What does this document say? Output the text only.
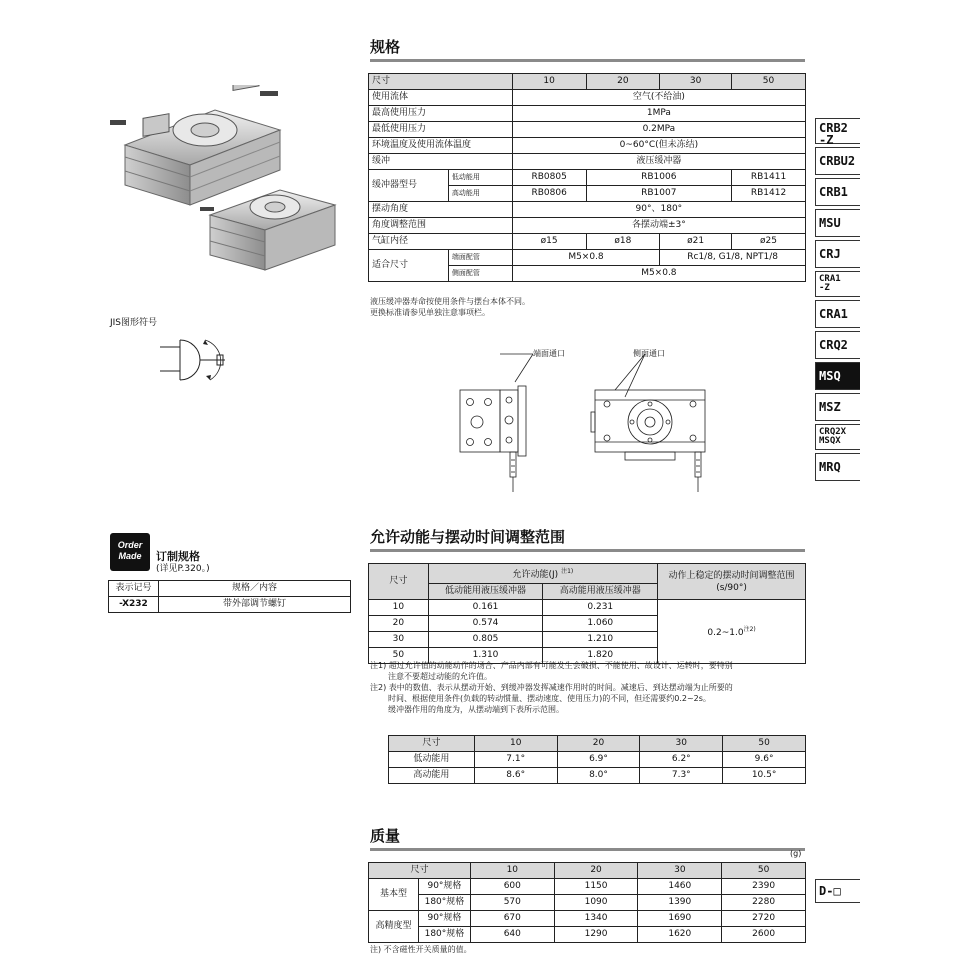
JIS图形符号
规格
尺寸		10	20	30	50
使用流体		空气(不给油)			
最高使用压力		1MPa			
最低使用压力		0.2MPa			
环境温度及使用流体温度		0~60°C(但未冻结)			
缓冲		液压缓冲器			
缓冲器型号	低动能用	RB0805	RB1006		RB1411
	高动能用	RB0806	RB1007		RB1412
摆动角度		90°、180°			
角度调整范围		各摆动端±3°			
气缸内径		ø15	ø18	ø21	ø25
适合尺寸	端面配管	M5×0.8		Rc1/8, G1/8, NPT1/8	
	侧面配管	M5×0.8			
液压缓冲器寿命按使用条件与摆台本体不同。
更换标准请参见单独注意事项栏。
端面通口	侧面通口
Order
Made	订制规格
(详见P.320。)
表示记号	规格／内容
-X232	带外部调节螺钉
允许动能与摆动时间调整范围
尺寸	允许动能(J) $^{注1)}$		动作上稳定的摆动时间调整范围
(s/90°)

	低动能用液压缓冲器	高动能用液压缓冲器	
10	0.161	0.231	0.2~1.0$^{注2)}$
20	0.574	1.060	
30	0.805	1.210	
50	1.310	1.820	
注1) 超过允许值的动能动作的场合、产品内部有可能发生会破损、不能使用、故设计、运转时，要特别
注意不要超过动能的允许值。
注2) 表中的数值、表示从摆动开始、到缓冲器发挥减速作用时的时间。减速后、到达摆动端为止所要的
时间、根据使用条件(负载的转动惯量、摆动速度、使用压力)的不同，但还需要约0.2~2s。
缓冲器作用的角度为，从摆动端到下表所示范围。
尺寸	10	20	30	50
低动能用	7.1°	6.9°	6.2°	9.6°
高动能用	8.6°	8.0°	7.3°	10.5°
质量
(g)
尺寸		10	20	30	50
基本型	90°规格	600	1150	1460	2390
	180°规格	570	1090	1390	2280
高精度型	90°规格	670	1340	1690	2720
	180°规格	640	1290	1620	2600
注) 不含磁性开关质量的值。
CRB2
-Z
CRBU2
CRB1
MSU
CRJ
CRA1
-Z
CRA1
CRQ2
MSQ
MSZ
CRQ2X
MSQX
MRQ
D-□
